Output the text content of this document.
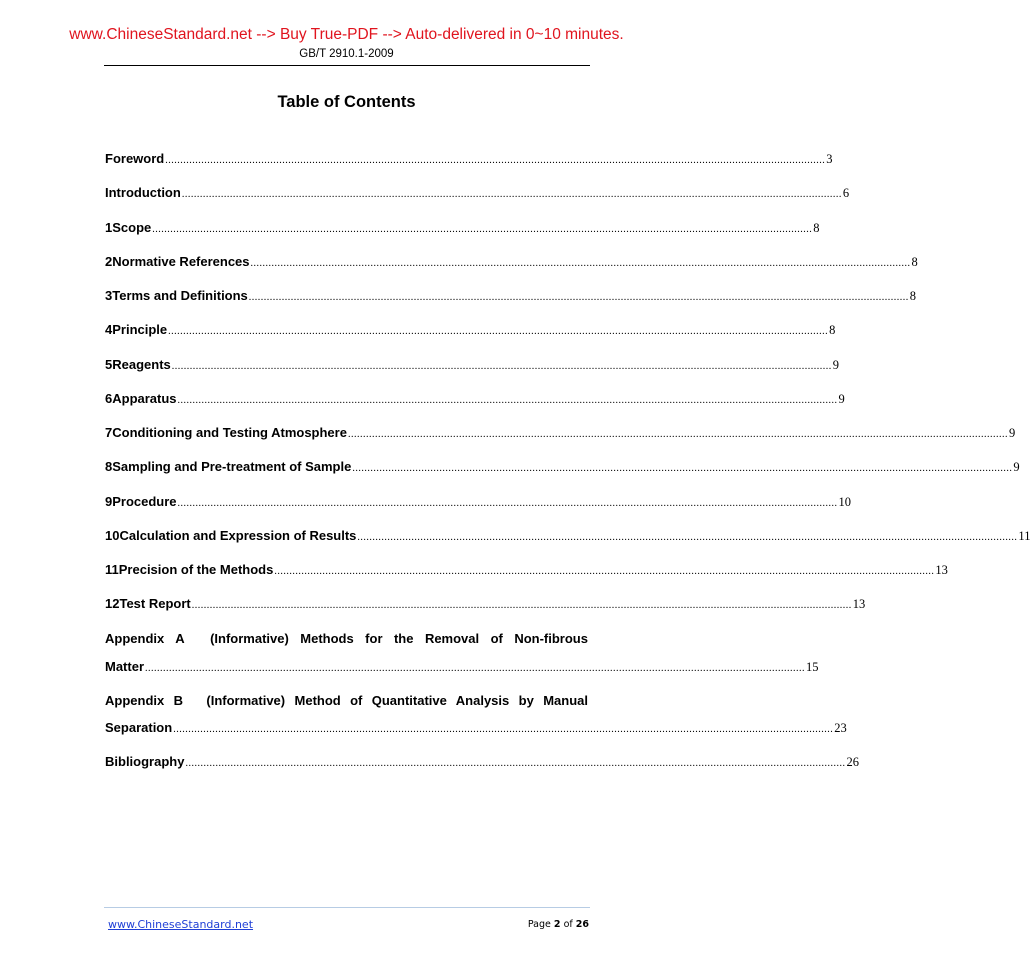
www.ChineseStandard.net --> Buy True-PDF --> Auto-delivered in 0~10 minutes.
GB/T 2910.1-2009
Table of Contents
Foreword ............................................................................................................................................................................................................................ 3
Introduction ............................................................................................................................................................................................................................ 6
1 Scope ............................................................................................................................................................................................................................ 8
2 Normative References ............................................................................................................................................................................................................................ 8
3 Terms and Definitions ............................................................................................................................................................................................................................ 8
4 Principle ............................................................................................................................................................................................................................ 8
5 Reagents ............................................................................................................................................................................................................................ 9
6 Apparatus ............................................................................................................................................................................................................................ 9
7 Conditioning and Testing Atmosphere ............................................................................................................................................................................................................................ 9
8 Sampling and Pre-treatment of Sample ............................................................................................................................................................................................................................ 9
9 Procedure ............................................................................................................................................................................................................................ 10
10 Calculation and Expression of Results ............................................................................................................................................................................................................................ 11
11 Precision of the Methods ............................................................................................................................................................................................................................ 13
12 Test Report ............................................................................................................................................................................................................................ 13
Appendix A (Informative) Methods for the Removal of Non-fibrous
Matter ............................................................................................................................................................................................................................ 15
Appendix B (Informative) Method of Quantitative Analysis by Manual
Separation ............................................................................................................................................................................................................................ 23
Bibliography ............................................................................................................................................................................................................................ 26
www.ChineseStandard.net	Page 2 of 26
